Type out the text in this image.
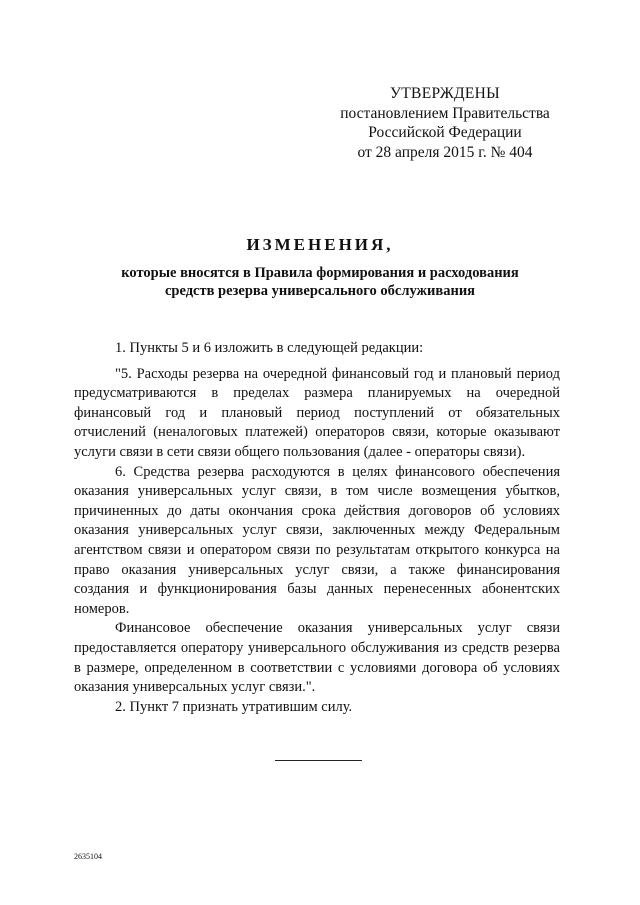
УТВЕРЖДЕНЫ
постановлением Правительства
Российской Федерации
от 28 апреля 2015 г. № 404
ИЗМЕНЕНИЯ,
которые вносятся в Правила формирования и расходования
средств резерва универсального обслуживания

1. Пункты 5 и 6 изложить в следующей редакции:

"5. Расходы резерва на очередной финансовый год и плановый период предусматриваются в пределах размера планируемых на очередной финансовый год и плановый период поступлений от обязательных отчислений (неналоговых платежей) операторов связи, которые оказывают услуги связи в сети связи общего пользования (далее - операторы связи).

6. Средства резерва расходуются в целях финансового обеспечения оказания универсальных услуг связи, в том числе возмещения убытков, причиненных до даты окончания срока действия договоров об условиях оказания универсальных услуг связи, заключенных между Федеральным агентством связи и оператором связи по результатам открытого конкурса на право оказания универсальных услуг связи, а также финансирования создания и функционирования базы данных перенесенных абонентских номеров.

Финансовое обеспечение оказания универсальных услуг связи предоставляется оператору универсального обслуживания из средств резерва в размере, определенном в соответствии с условиями договора об условиях оказания универсальных услуг связи.".

2. Пункт 7 признать утратившим силу.

2635104
